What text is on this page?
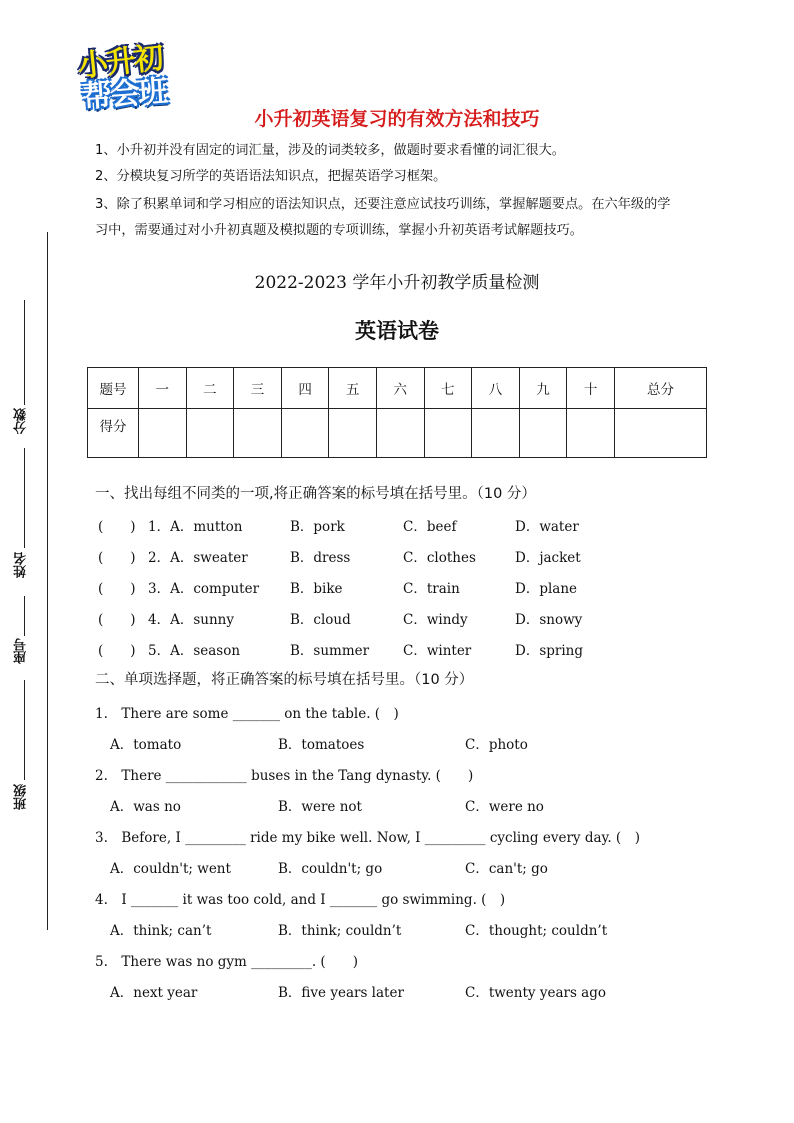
小升初
帮会班
小升初英语复习的有效方法和技巧
1、小升初并没有固定的词汇量，涉及的词类较多，做题时要求看懂的词汇很大。
2、分模块复习所学的英语语法知识点，把握英语学习框架。
3、除了积累单词和学习相应的语法知识点，还要注意应试技巧训练，掌握解题要点。在六年级的学
习中，需要通过对小升初真题及模拟题的专项训练，掌握小升初英语考试解题技巧。
2022-2023 学年小升初教学质量检测
英语试卷
分数
姓名
座号
班级
题号	一	二	三	四	五	六	七	八	九	十	总分
得分											
一、找出每组不同类的一项,将正确答案的标号填在括号里。（10 分）
(　　) 1．A．mutton	B．pork	C．beef	D．water
(　　) 2．A．sweater	B．dress	C．clothes	D．jacket
(　　) 3．A．computer B．bike	C．train	D．plane
(　　) 4．A．sunny	B．cloud	C．windy	D．snowy
(　　) 5．A．season	B．summer	C．winter	D．spring
二、单项选择题，将正确答案的标号填在括号里。（10 分）
1.　There are some _______ on the table. (　)
A．tomato	B．tomatoes	C．photo
2.　There ____________ buses in the Tang dynasty. (　　)
A．was no	B．were not	C．were no
3.　Before, I _________ ride my bike well. Now, I _________ cycling every day. (　)
A．couldn't; went	B．couldn't; go	C．can't; go
4.　I _______ it was too cold, and I _______ go swimming. (　)
A．think; can’t	B．think; couldn’t	C．thought; couldn’t
5.　There was no gym _________. (　　)
A．next year	B．five years later	C．twenty years ago
